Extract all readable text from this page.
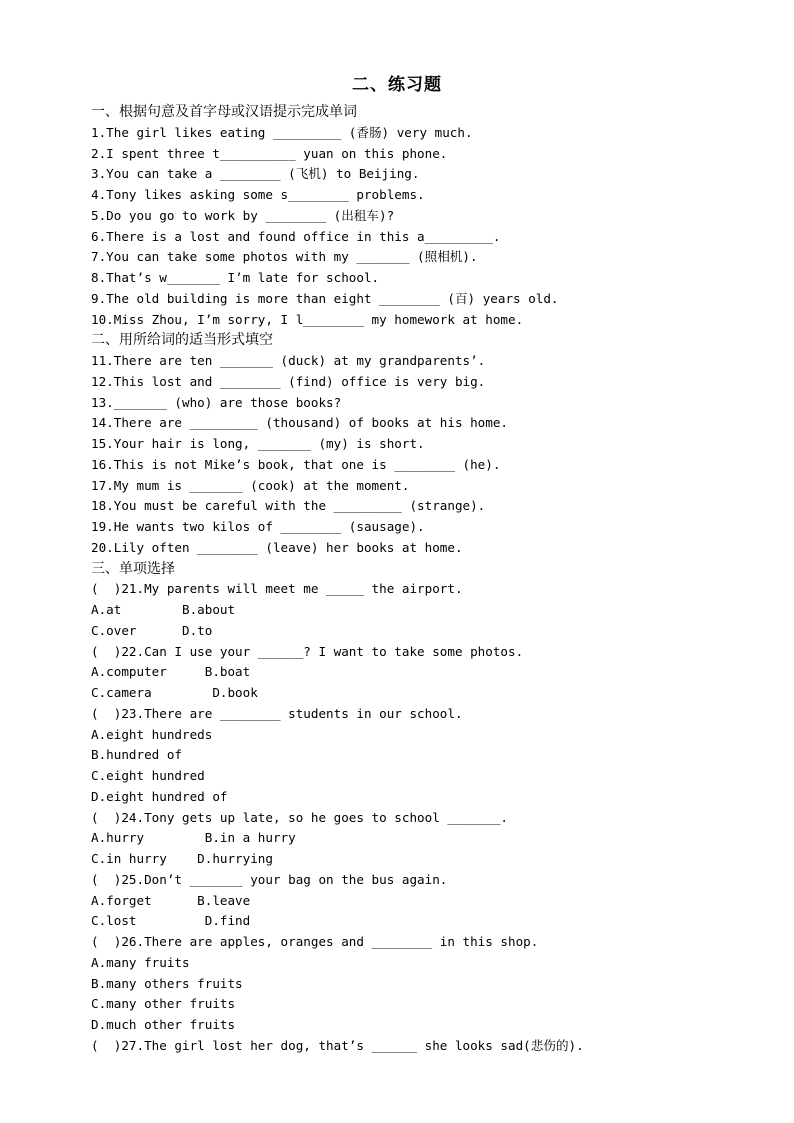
二、练习题
一、根据句意及首字母或汉语提示完成单词
1.The girl likes eating _________ (香肠) very much.
2.I spent three t__________ yuan on this phone.
3.You can take a ________ (飞机) to Beijing.
4.Tony likes asking some s________ problems.
5.Do you go to work by ________ (出租车)?
6.There is a lost and found office in this a_________.
7.You can take some photos with my _______ (照相机).
8.That’s w_______ I’m late for school.
9.The old building is more than eight ________ (百) years old.
10.Miss Zhou, I’m sorry, I l________ my homework at home.
二、用所给词的适当形式填空
11.There are ten _______ (duck) at my grandparents’.
12.This lost and ________ (find) office is very big.
13._______ (who) are those books?
14.There are _________ (thousand) of books at his home.
15.Your hair is long, _______ (my) is short.
16.This is not Mike’s book, that one is ________ (he).
17.My mum is _______ (cook) at the moment.
18.You must be careful with the _________ (strange).
19.He wants two kilos of ________ (sausage).
20.Lily often ________ (leave) her books at home.
三、单项选择
(  )21.My parents will meet me _____ the airport.
A.at        B.about
C.over      D.to
(  )22.Can I use your ______? I want to take some photos.
A.computer     B.boat
C.camera        D.book
(  )23.There are ________ students in our school.
A.eight hundreds
B.hundred of
C.eight hundred
D.eight hundred of
(  )24.Tony gets up late, so he goes to school _______.
A.hurry        B.in a hurry
C.in hurry    D.hurrying
(  )25.Don’t _______ your bag on the bus again.
A.forget      B.leave
C.lost         D.find
(  )26.There are apples, oranges and ________ in this shop.
A.many fruits
B.many others fruits
C.many other fruits
D.much other fruits
(  )27.The girl lost her dog, that’s ______ she looks sad(悲伤的).
